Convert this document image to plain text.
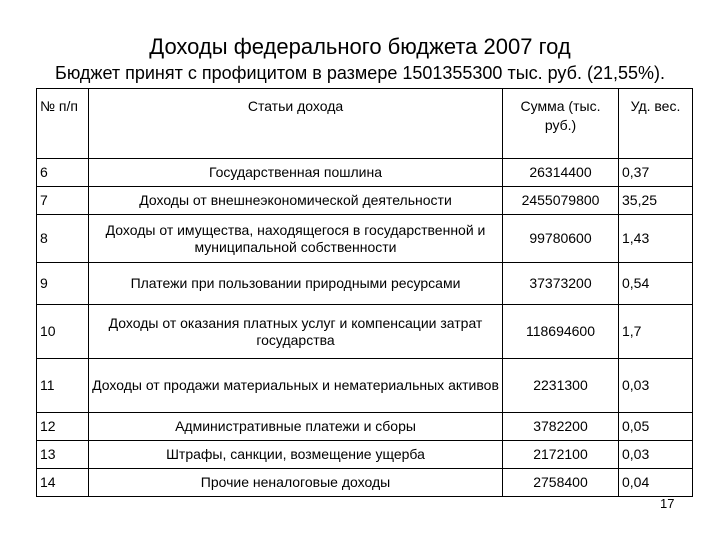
Доходы федерального бюджета 2007 год
Бюджет принят с профицитом в размере 1501355300 тыс. руб. (21,55%).
№ п/п	Статьи дохода	Сумма (тыс. руб.)	Уд. вес.
6	Государственная пошлина	26314400	0,37
7	Доходы от внешнеэкономической деятельности	2455079800	35,25
8	Доходы от имущества, находящегося в государственной и муниципальной собственности	99780600	1,43
9	Платежи при пользовании природными ресурсами	37373200	0,54
10	Доходы от оказания платных услуг и компенсации затрат государства	118694600	1,7
11	Доходы от продажи материальных и нематериальных активов	2231300	0,03
12	Административные платежи и сборы	3782200	0,05
13	Штрафы, санкции, возмещение ущерба	2172100	0,03
14	Прочие неналоговые доходы	2758400	0,04
17
